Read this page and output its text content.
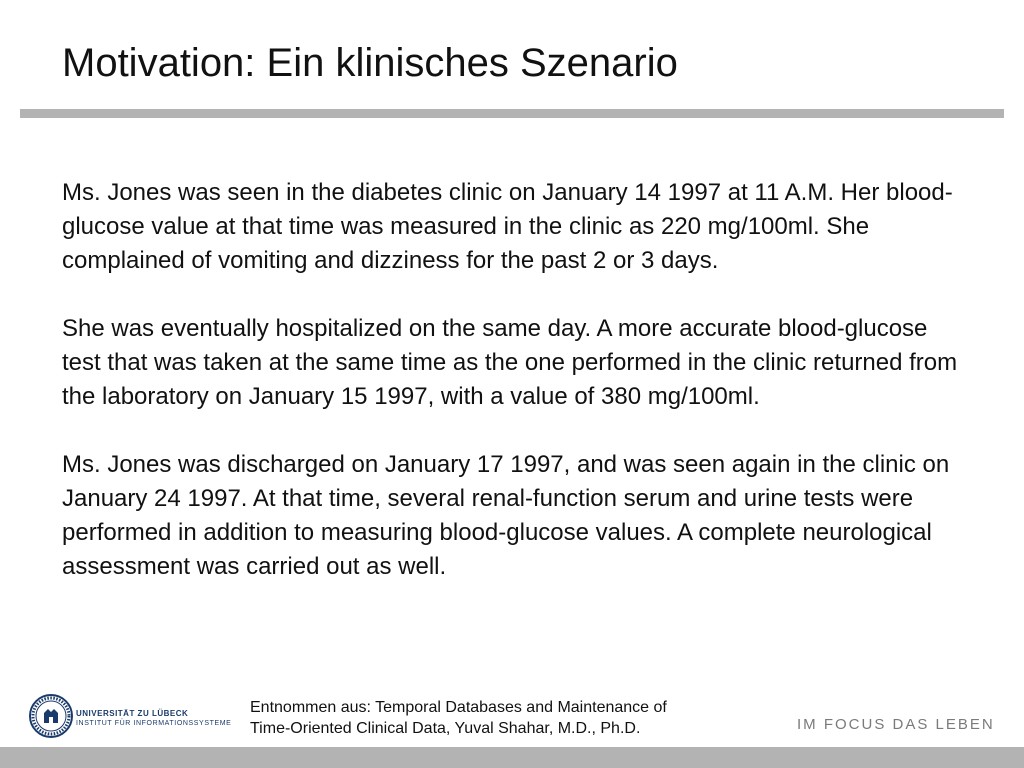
Motivation: Ein klinisches Szenario

Ms. Jones was seen in the diabetes clinic on January 14 1997 at 11 A.M. Her blood-glucose value at that time was measured in the clinic as 220 mg/100ml. She complained of vomiting and dizziness for the past 2 or 3 days.

She was eventually hospitalized on the same day. A more accurate blood-glucose test that was taken at the same time as the one performed in the clinic returned from the laboratory on January 15 1997, with a value of 380 mg/100ml.

Ms. Jones was discharged on January 17 1997, and was seen again in the clinic on January 24 1997. At that time, several renal-function serum and urine tests were performed in addition to measuring blood-glucose values. A complete neurological assessment was carried out as well.

UNIVERSITÄT ZU LÜBECK
INSTITUT FÜR INFORMATIONSSYSTEME
Entnommen aus: Temporal Databases and Maintenance of
Time-Oriented Clinical Data, Yuval Shahar, M.D., Ph.D.	IM FOCUS DAS LEBEN
